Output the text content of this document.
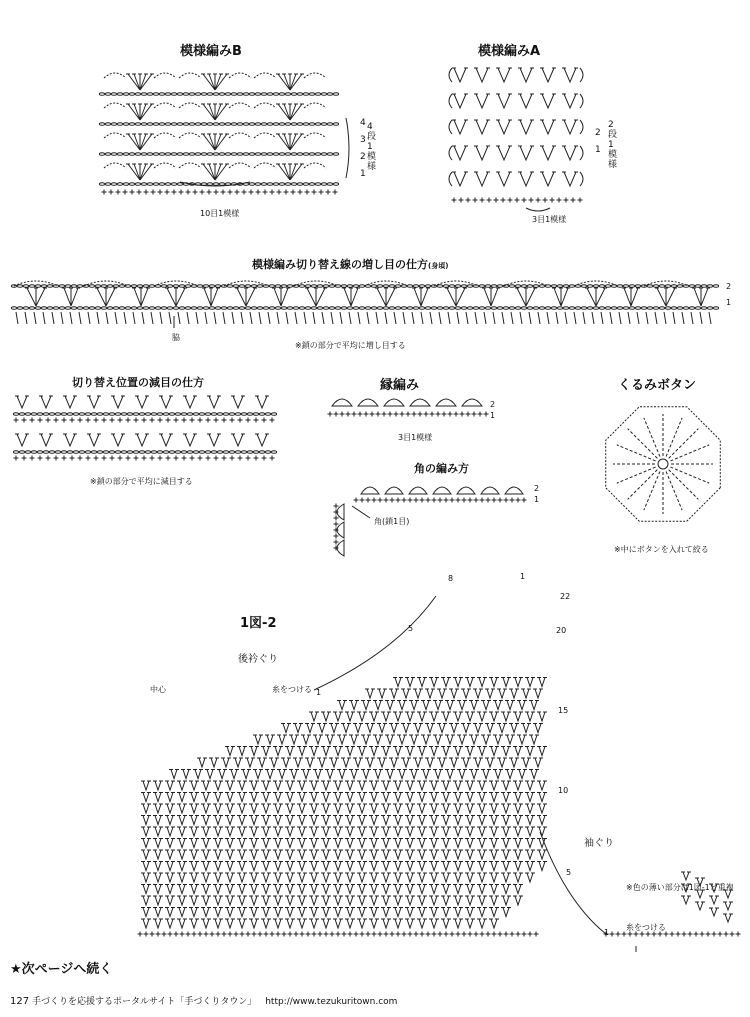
模様編みB
10目1模様
4
3
2
1
4段1模様
模様編みA
3目1模様
2
1
2段1模様
模様編み切り替え線の増し目の仕方(身頃)
2
1
脇
※鎖の部分で平均に増し目する
切り替え位置の減目の仕方
※鎖の部分で平均に減目する
縁編み
2
1
3目1模様
角の編み方
2
1
角(鎖1目)
くるみボタン
※中にボタンを入れて絞る
1図-2
後衿ぐり
中心	糸をつける 1
5
8	1
22
20
15
10
5
1
袖ぐり
糸をつける
※色の薄い部分は1図-1と重複
★次ページへ続く
127 手づくりを応援するポータルサイト「手づくりタウン」 http://www.tezukuritown.com
